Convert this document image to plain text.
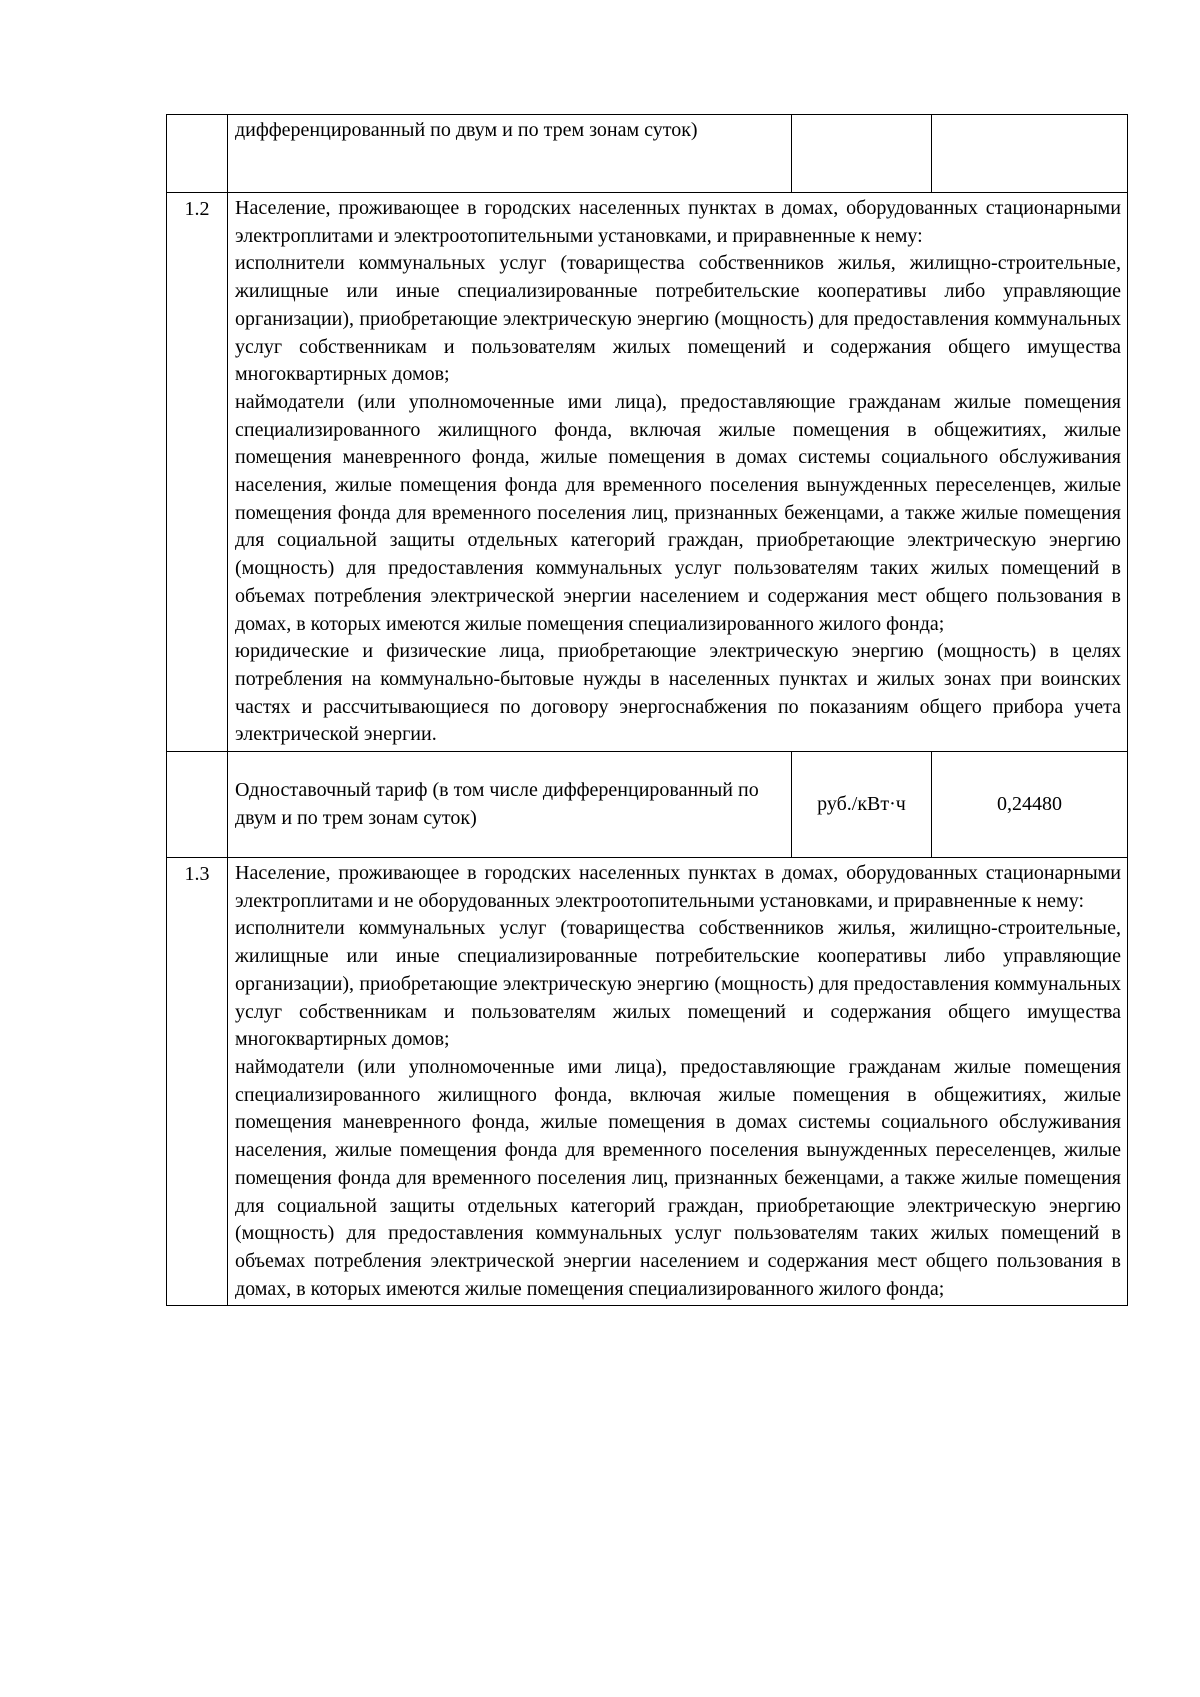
	дифференцированный по двум и по трем зонам суток)		

1.2	Население, проживающее в городских населенных пунктах в домах, оборудованных стационарными электроплитами и электроотопительными установками, и приравненные к нему:

исполнители коммунальных услуг (товарищества собственников жилья, жилищно-строительные, жилищные или иные специализированные потребительские кооперативы либо управляющие организации), приобретающие электрическую энергию (мощность) для предоставления коммунальных услуг собственникам и пользователям жилых помещений и содержания общего имущества многоквартирных домов;

наймодатели (или уполномоченные ими лица), предоставляющие гражданам жилые помещения специализированного жилищного фонда, включая жилые помещения в общежитиях, жилые помещения маневренного фонда, жилые помещения в домах системы социального обслуживания населения, жилые помещения фонда для временного поселения вынужденных переселенцев, жилые помещения фонда для временного поселения лиц, признанных беженцами, а также жилые помещения для социальной защиты отдельных категорий граждан, приобретающие электрическую энергию (мощность) для предоставления коммунальных услуг пользователям таких жилых помещений в объемах потребления электрической энергии населением и содержания мест общего пользования в домах, в которых имеются жилые помещения специализированного жилого фонда;

юридические и физические лица, приобретающие электрическую энергию (мощность) в целях потребления на коммунально-бытовые нужды в населенных пунктах и жилых зонах при воинских частях и рассчитывающиеся по договору энергоснабжения по показаниям общего прибора учета электрической энергии.		

	Одноставочный тариф (в том числе дифференцированный по двум и по трем зонам суток)	руб./кВт·ч	0,24480
1.3	Население, проживающее в городских населенных пунктах в домах, оборудованных стационарными электроплитами и не оборудованных электроотопительными установками, и приравненные к нему:

исполнители коммунальных услуг (товарищества собственников жилья, жилищно-строительные, жилищные или иные специализированные потребительские кооперативы либо управляющие организации), приобретающие электрическую энергию (мощность) для предоставления коммунальных услуг собственникам и пользователям жилых помещений и содержания общего имущества многоквартирных домов;

наймодатели (или уполномоченные ими лица), предоставляющие гражданам жилые помещения специализированного жилищного фонда, включая жилые помещения в общежитиях, жилые помещения маневренного фонда, жилые помещения в домах системы социального обслуживания населения, жилые помещения фонда для временного поселения вынужденных переселенцев, жилые помещения фонда для временного поселения лиц, признанных беженцами, а также жилые помещения для социальной защиты отдельных категорий граждан, приобретающие электрическую энергию (мощность) для предоставления коммунальных услуг пользователям таких жилых помещений в объемах потребления электрической энергии населением и содержания мест общего пользования в домах, в которых имеются жилые помещения специализированного жилого фонда;		
